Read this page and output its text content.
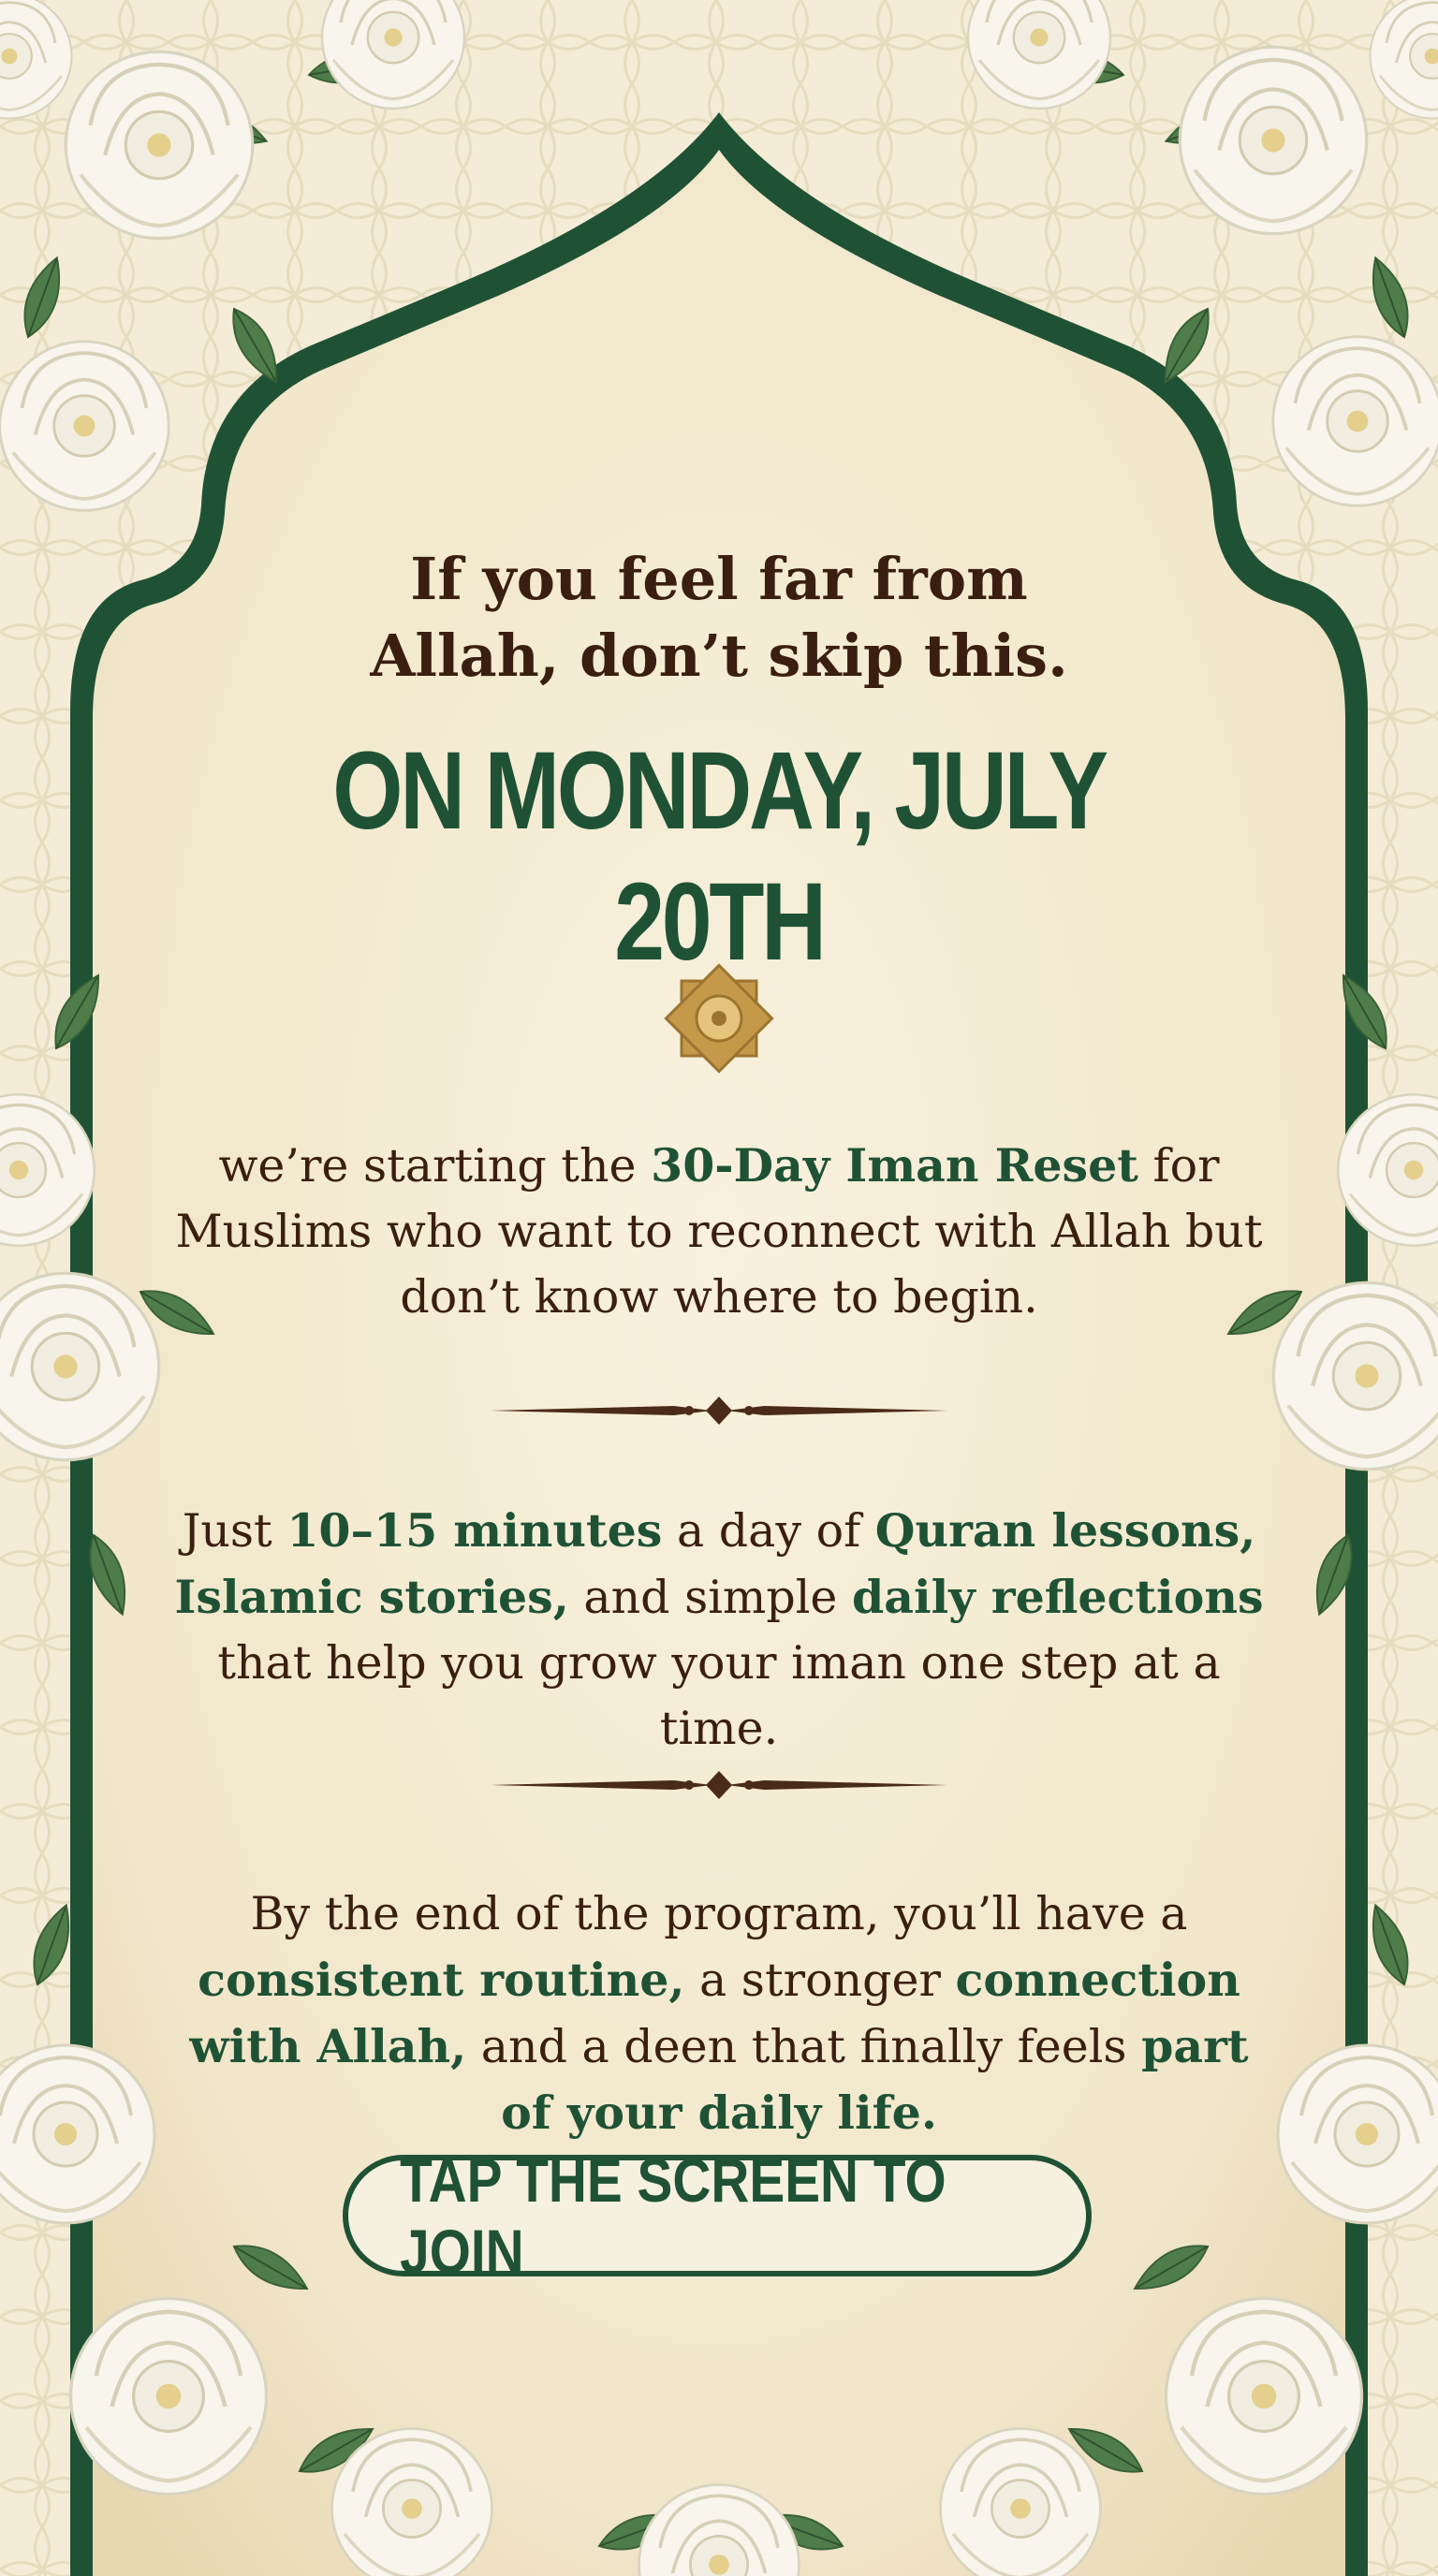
If you feel far from
Allah, don’t skip this.
ON MONDAY, JULY 20TH
we’re starting the 30-Day Iman Reset for Muslims who want to reconnect with Allah but don’t know where to begin.
Just 10–15 minutes a day of Quran lessons, Islamic stories, and simple daily reflections that help you grow your iman one step at a time.
By the end of the program, you’ll have a consistent routine, a stronger connection with Allah, and a deen that finally feels part of your daily life.
TAP THE SCREEN TO JOIN
